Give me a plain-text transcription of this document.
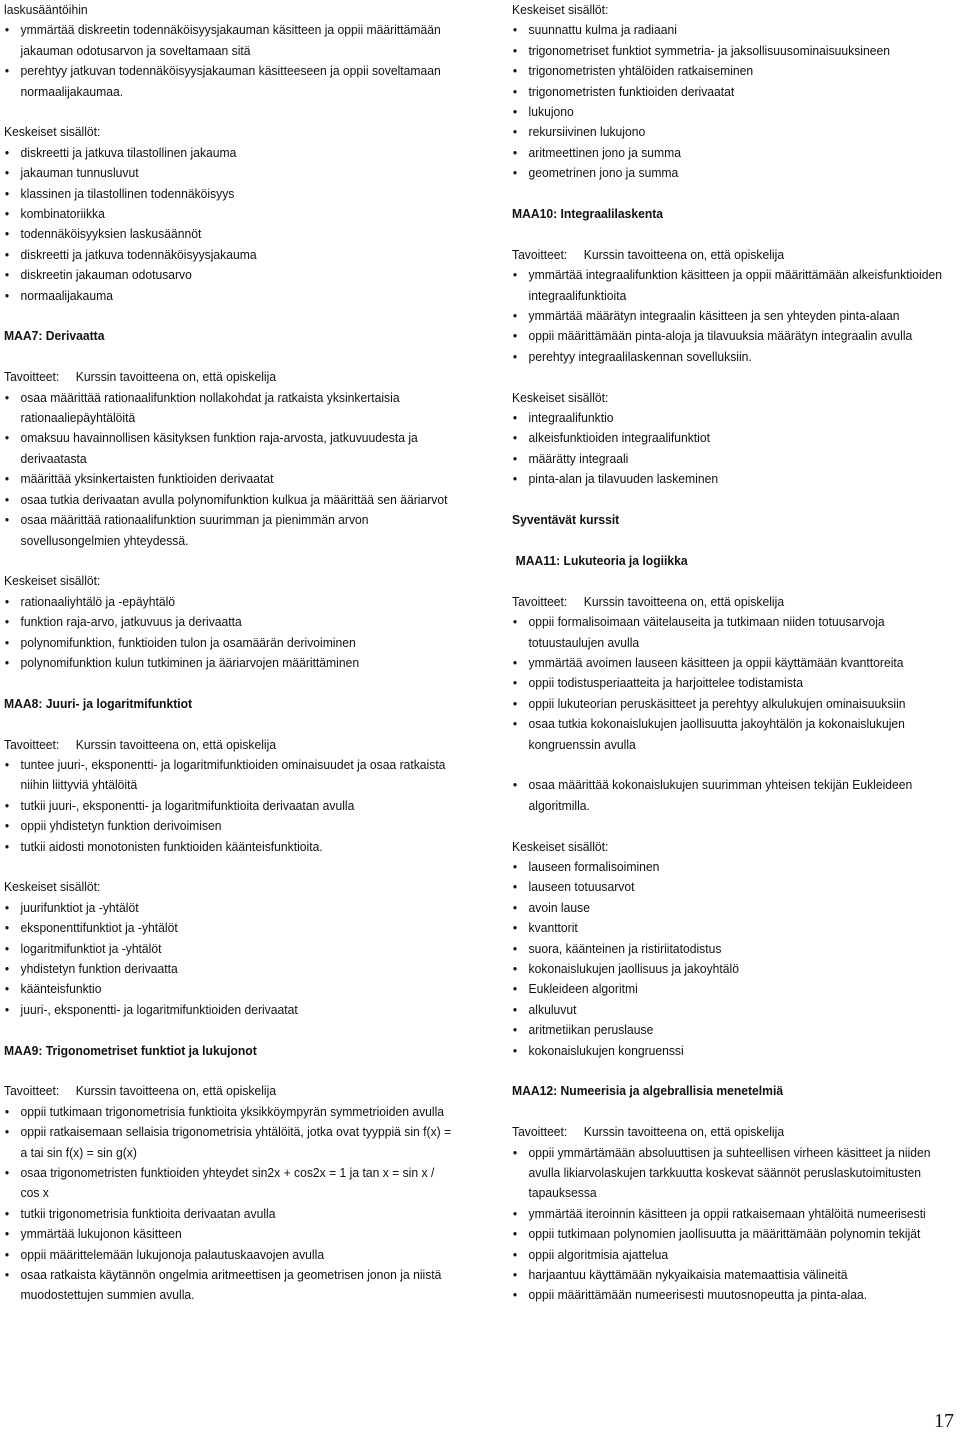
laskusääntöihin
• ymmärtää diskreetin todennäköisyysjakauman käsitteen ja oppii määrittämään jakauman odotusarvon ja soveltamaan sitä
• perehtyy jatkuvan todennäköisyysjakauman käsitteeseen ja oppii soveltamaan normaalijakaumaa.
Keskeiset sisällöt:
• diskreetti ja jatkuva tilastollinen jakauma
• jakauman tunnusluvut
• klassinen ja tilastollinen todennäköisyys
• kombinatoriikka
• todennäköisyyksien laskusäännöt
• diskreetti ja jatkuva todennäköisyysjakauma
• diskreetin jakauman odotusarvo
• normaalijakauma
MAA7: Derivaatta
Tavoitteet: Kurssin tavoitteena on, että opiskelija
• osaa määrittää rationaalifunktion nollakohdat ja ratkaista yksinkertaisia rationaaliepäyhtälöitä
• omaksuu havainnollisen käsityksen funktion raja-arvosta, jatkuvuudesta ja derivaatasta
• määrittää yksinkertaisten funktioiden derivaatat
• osaa tutkia derivaatan avulla polynomifunktion kulkua ja määrittää sen ääriarvot
• osaa määrittää rationaalifunktion suurimman ja pienimmän arvon sovellusongelmien yhteydessä.
Keskeiset sisällöt:
• rationaaliyhtälö ja -epäyhtälö
• funktion raja-arvo, jatkuvuus ja derivaatta
• polynomifunktion, funktioiden tulon ja osamäärän derivoiminen
• polynomifunktion kulun tutkiminen ja ääriarvojen määrittäminen
MAA8: Juuri- ja logaritmifunktiot
Tavoitteet: Kurssin tavoitteena on, että opiskelija
• tuntee juuri-, eksponentti- ja logaritmifunktioiden ominaisuudet ja osaa ratkaista niihin liittyviä yhtälöitä
• tutkii juuri-, eksponentti- ja logaritmifunktioita derivaatan avulla
• oppii yhdistetyn funktion derivoimisen
• tutkii aidosti monotonisten funktioiden käänteisfunktioita.
Keskeiset sisällöt:
• juurifunktiot ja -yhtälöt
• eksponenttifunktiot ja -yhtälöt
• logaritmifunktiot ja -yhtälöt
• yhdistetyn funktion derivaatta
• käänteisfunktio
• juuri-, eksponentti- ja logaritmifunktioiden derivaatat
MAA9: Trigonometriset funktiot ja lukujonot
Tavoitteet: Kurssin tavoitteena on, että opiskelija
• oppii tutkimaan trigonometrisia funktioita yksikköympyrän symmetrioiden avulla
• oppii ratkaisemaan sellaisia trigonometrisia yhtälöitä, jotka ovat tyyppiä sin f(x) = a tai sin f(x) = sin g(x)
• osaa trigonometristen funktioiden yhteydet sin2x + cos2x = 1 ja tan x = sin x / cos x
• tutkii trigonometrisia funktioita derivaatan avulla
• ymmärtää lukujonon käsitteen
• oppii määrittelemään lukujonoja palautuskaavojen avulla
• osaa ratkaista käytännön ongelmia aritmeettisen ja geometrisen jonon ja niistä muodostettujen summien avulla.
Keskeiset sisällöt:
• suunnattu kulma ja radiaani
• trigonometriset funktiot symmetria- ja jaksollisuusominaisuuksineen
• trigonometristen yhtälöiden ratkaiseminen
• trigonometristen funktioiden derivaatat
• lukujono
• rekursiivinen lukujono
• aritmeettinen jono ja summa
• geometrinen jono ja summa
MAA10: Integraalilaskenta
Tavoitteet: Kurssin tavoitteena on, että opiskelija
• ymmärtää integraalifunktion käsitteen ja oppii määrittämään alkeisfunktioiden integraalifunktioita
• ymmärtää määrätyn integraalin käsitteen ja sen yhteyden pinta-alaan
• oppii määrittämään pinta-aloja ja tilavuuksia määrätyn integraalin avulla
• perehtyy integraalilaskennan sovelluksiin.
Keskeiset sisällöt:
• integraalifunktio
• alkeisfunktioiden integraalifunktiot
• määrätty integraali
• pinta-alan ja tilavuuden laskeminen
Syventävät kurssit
MAA11: Lukuteoria ja logiikka
Tavoitteet: Kurssin tavoitteena on, että opiskelija
• oppii formalisoimaan väitelauseita ja tutkimaan niiden totuusarvoja totuustaulujen avulla
• ymmärtää avoimen lauseen käsitteen ja oppii käyttämään kvanttoreita
• oppii todistusperiaatteita ja harjoittelee todistamista
• oppii lukuteorian peruskäsitteet ja perehtyy alkulukujen ominaisuuksiin
• osaa tutkia kokonaislukujen jaollisuutta jakoyhtälön ja kokonaislukujen kongruenssin avulla
• osaa määrittää kokonaislukujen suurimman yhteisen tekijän Eukleideen algoritmilla.
Keskeiset sisällöt:
• lauseen formalisoiminen
• lauseen totuusarvot
• avoin lause
• kvanttorit
• suora, käänteinen ja ristiriitatodistus
• kokonaislukujen jaollisuus ja jakoyhtälö
• Eukleideen algoritmi
• alkuluvut
• aritmetiikan peruslause
• kokonaislukujen kongruenssi
MAA12: Numeerisia ja algebrallisia menetelmiä
Tavoitteet: Kurssin tavoitteena on, että opiskelija
• oppii ymmärtämään absoluuttisen ja suhteellisen virheen käsitteet ja niiden avulla likiarvolaskujen tarkkuutta koskevat säännöt peruslaskutoimitusten tapauksessa
• ymmärtää iteroinnin käsitteen ja oppii ratkaisemaan yhtälöitä numeerisesti
• oppii tutkimaan polynomien jaollisuutta ja määrittämään polynomin tekijät
• oppii algoritmisia ajattelua
• harjaantuu käyttämään nykyaikaisia matemaattisia välineitä
• oppii määrittämään numeerisesti muutosnopeutta ja pinta-alaa.
17
